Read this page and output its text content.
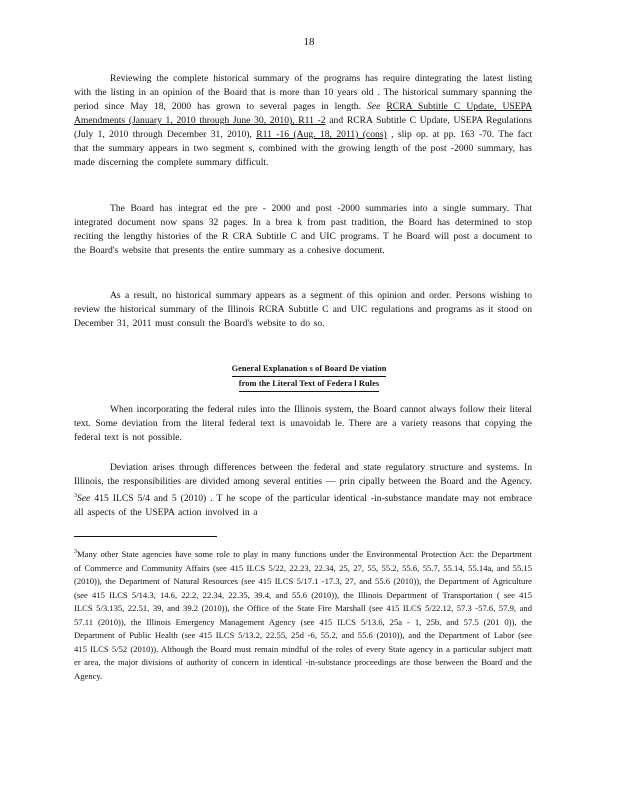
18

Reviewing the complete historical summary of the programs has require dintegrating the latest listing with the listing in an opinion of the Board that is more than 10 years old . The historical summary spanning the period since May 18, 2000 has grown to several pages in length. See RCRA Subtitle C Update, USEPA Amendments (January 1, 2010 through June 30, 2010), R11 -2 and RCRA Subtitle C Update, USEPA Regulations (July 1, 2010 through December 31, 2010), R11 -16 (Aug. 18, 2011) (cons) , slip op. at pp. 163 -70. The fact that the summary appears in two segment s, combined with the growing length of the post -2000 summary, has made discerning the complete summary difficult.

The Board has integrat ed the pre - 2000 and post -2000 summaries into a single summary. That integrated document now spans 32 pages. In a brea k from past tradition, the Board has determined to stop reciting the lengthy histories of the R CRA Subtitle C and UIC programs. T he Board will post a document to the Board's website that presents the entire summary as a cohesive document.

As a result, no historical summary appears as a segment of this opinion and order. Persons wishing to review the historical summary of the Illinois RCRA Subtitle C and UIC regulations and programs as it stood on December 31, 2011 must consult the Board's website to do so.

General Explanation s of Board De viation
from the Literal Text of Federa l Rules

When incorporating the federal rules into the Illinois system, the Board cannot always follow their literal text. Some deviation from the literal federal text is unavoidab le. There are a variety reasons that copying the federal text is not possible.

Deviation arises through differences between the federal and state regulatory structure and systems. In Illinois, the responsibilities are divided among several entities — prin cipally between the Board and the Agency. $^3$See 415 ILCS 5/4 and 5 (2010) . T he scope of the particular identical -in-substance mandate may not embrace all aspects of the USEPA action involved in a

$^3$Many other State agencies have some role to play in many functions under the Environmental Protection Act: the Department of Commerce and Community Affairs (see 415 ILCS 5/22, 22.23, 22.34, 25, 27, 55, 55.2, 55.6, 55.7, 55.14, 55.14a, and 55.15 (2010)), the Department of Natural Resources (see 415 ILCS 5/17.1 -17.3, 27, and 55.6 (2010)), the Department of Agriculture (see 415 ILCS 5/14.3, 14.6, 22.2, 22.34, 22.35, 39.4, and 55.6 (2010)), the Illinois Department of Transportation ( see 415 ILCS 5/3.135, 22.51, 39, and 39.2 (2010)), the Office of the State Fire Marshall (see 415 ILCS 5/22.12, 57.3 -57.6, 57.9, and 57.11 (2010)), the Illinois Emergency Management Agency (see 415 ILCS 5/13.6, 25a - 1, 25b, and 57.5 (201 0)), the Department of Public Health (see 415 ILCS 5/13.2, 22.55, 25d -6, 55.2, and 55.6 (2010)), and the Department of Labor (see 415 ILCS 5/52 (2010)). Although the Board must remain mindful of the roles of every State agency in a particular subject matt er area, the major divisions of authority of concern in identical -in-substance proceedings are those between the Board and the Agency.
